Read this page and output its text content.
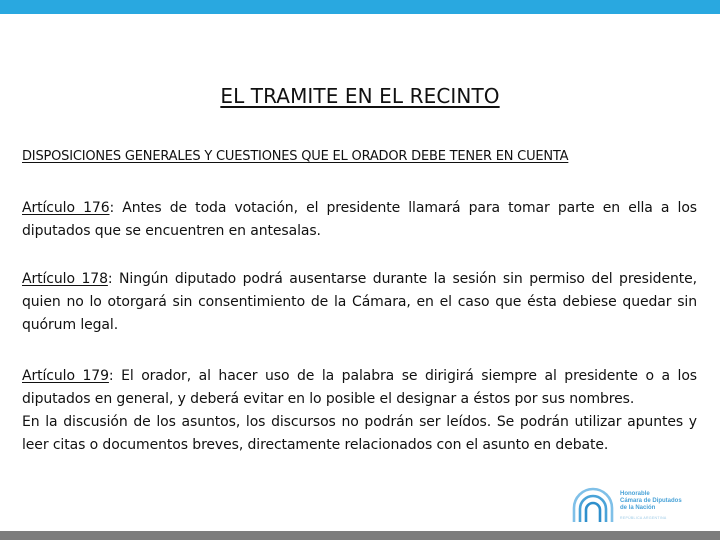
EL TRAMITE EN EL RECINTO
DISPOSICIONES GENERALES Y CUESTIONES QUE EL ORADOR DEBE TENER EN CUENTA
Artículo 176: Antes de toda votación, el presidente llamará para tomar parte en ella a los diputados que se encuentren en antesalas.
Artículo 178: Ningún diputado podrá ausentarse durante la sesión sin permiso del presidente, quien no lo otorgará sin consentimiento de la Cámara, en el caso que ésta debiese quedar sin quórum legal.
Artículo 179: El orador, al hacer uso de la palabra se dirigirá siempre al presidente o a los diputados en general, y deberá evitar en lo posible el designar a éstos por sus nombres.
En la discusión de los asuntos, los discursos no podrán ser leídos. Se podrán utilizar apuntes y leer citas o documentos breves, directamente relacionados con el asunto en debate.
Honorable
Cámara de Diputados
de la Nación
REPÚBLICA ARGENTINA
